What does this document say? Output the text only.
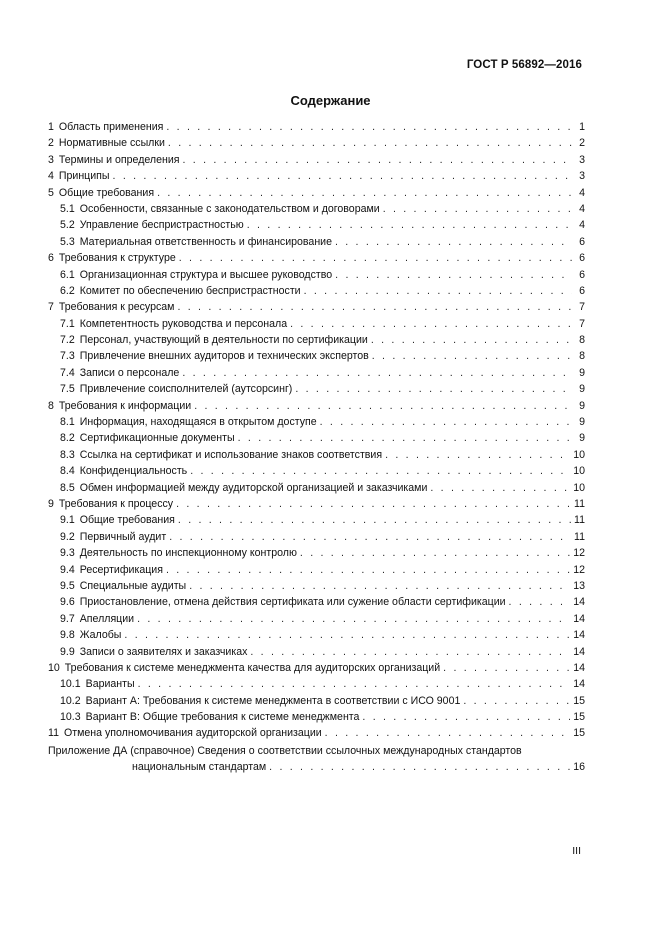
ГОСТ Р 56892—2016
Содержание
1 Область применения . . .	1
2 Нормативные ссылки . . .	2
3 Термины и определения . . .	3
4 Принципы . . .	3
5 Общие требования . . .	4
5.1 Особенности, связанные с законодательством и договорами . . .	4
5.2 Управление беспристрастностью . . .	4
5.3 Материальная ответственность и финансирование . . .	6
6 Требования к структуре . . .	6
6.1 Организационная структура и высшее руководство . . .	6
6.2 Комитет по обеспечению беспристрастности . . .	6
7 Требования к ресурсам . . .	7
7.1 Компетентность руководства и персонала . . .	7
7.2 Персонал, участвующий в деятельности по сертификации . . .	8
7.3 Привлечение внешних аудиторов и технических экспертов . . .	8
7.4 Записи о персонале . . .	9
7.5 Привлечение соисполнителей (аутсорсинг) . . .	9
8 Требования к информации . . .	9
8.1 Информация, находящаяся в открытом доступе . . .	9
8.2 Сертификационные документы . . .	9
8.3 Ссылка на сертификат и использование знаков соответствия . . .	10
8.4 Конфиденциальность . . .	10
8.5 Обмен информацией между аудиторской организацией и заказчиками . . .	10
9 Требования к процессу . . .	11
9.1 Общие требования . . .	11
9.2 Первичный аудит . . .	11
9.3 Деятельность по инспекционному контролю . . .	12
9.4 Ресертификация . . .	12
9.5 Специальные аудиты . . .	13
9.6 Приостановление, отмена действия сертификата или сужение области сертификации . . .	14
9.7 Апелляции . . .	14
9.8 Жалобы . . .	14
9.9 Записи о заявителях и заказчиках . . .	14
10 Требования к системе менеджмента качества для аудиторских организаций . . .	14
10.1 Варианты . . .	14
10.2 Вариант А: Требования к системе менеджмента в соответствии с ИСО 9001 . . .	15
10.3 Вариант В: Общие требования к системе менеджмента . . .	15
11 Отмена уполномочивания аудиторской организации . . .	15
Приложение ДА (справочное) Сведения о соответствии ссылочных международных стандартов
национальным стандартам . . .	16
III
